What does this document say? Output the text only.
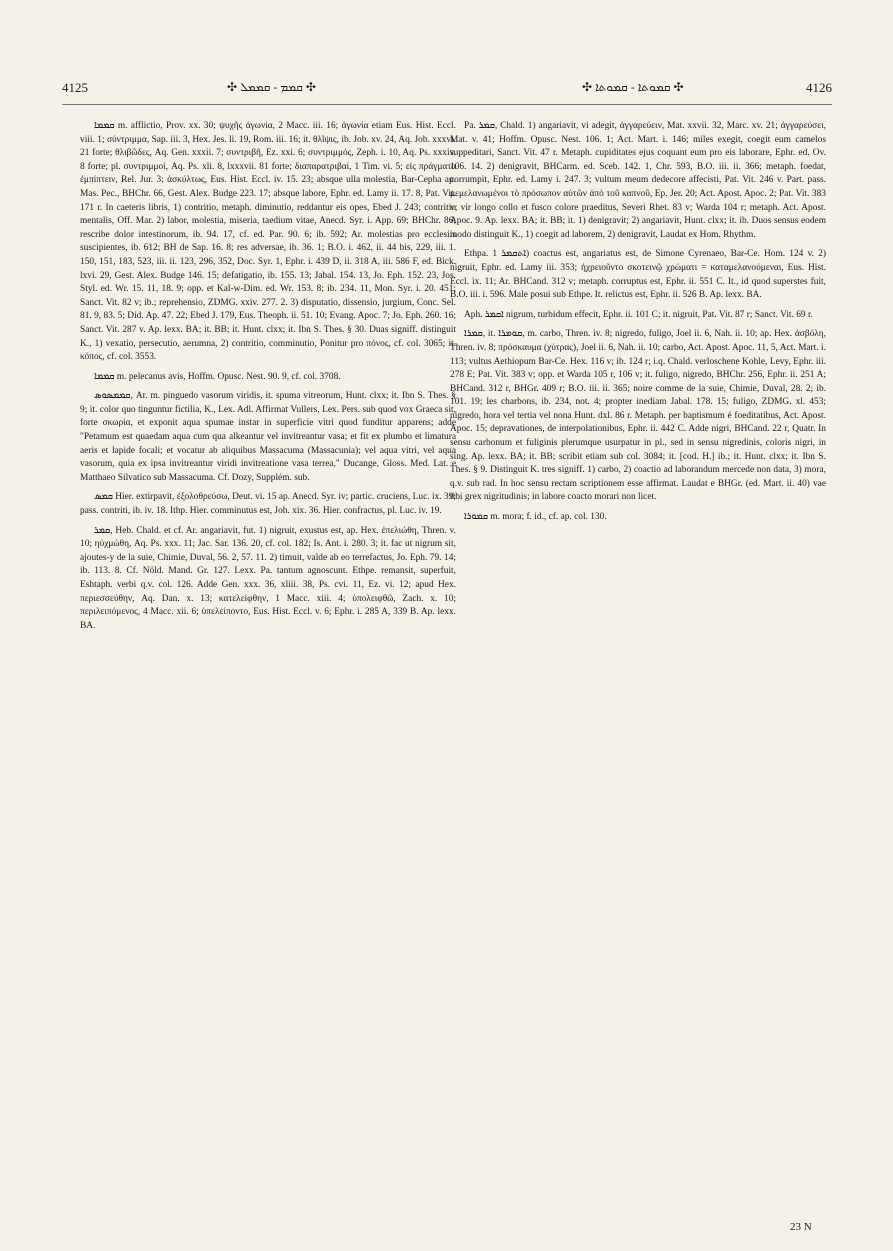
4125	✣ ܩܡܡ - ܩܡܡܠ ✣	✣ ܩܡܘܬܐ - ܩܡܘܬܐ ✣	4126

ܩܡܡܐ m. afflictio, Prov. xx. 30; ψυχῆς ἀγωνία, 2 Macc. iii. 16; ἀγωνία etiam Eus. Hist. Eccl. viii. 1; σύντριμμα, Sap. iii. 3, Hex. Jes. li. 19, Rom. iii. 16; it. θλῖψις, ib. Job. xv. 24, Aq. Job. xxxvi. 21 forte; θλιβῶδες, Aq. Gen. xxxii. 7; συντριβῆ, Ez. xxi. 6; συντριμμός, Zeph. i. 10, Aq. Ps. xxxiv. 8 forte; pl. συντριμμοί, Aq. Ps. xli. 8, lxxxvii. 81 forte; διαπαρατριβαί, 1 Tim. vi. 5; εἰς πράγματα ἐμπίπτειν, Rel. Jur. 3; ἀσκύλτως, Eus. Hist. Eccl. iv. 15. 23; absque ulla molestia, Bar-Cepha ap. Mas. Pec., BHChr. 66, Gest. Alex. Budge 223. 17; absque labore, Ephr. ed. Lamy ii. 17. 8, Pat. Vit. 171 r. In caeteris libris, 1) contritio, metaph. diminutio, reddantur eis opes, Ebed J. 243; contritio mentalis, Off. Mar. 2) labor, molestia, miseria, taedium vitae, Anecd. Syr. i. App. 69; BHChr. 86; rescribe dolor intestinorum, ib. 94. 17, cf. ed. Par. 90. 6; ib. 592; Ar. molestias pro ecclesiis suscipientes, ib. 612; BH de Sap. 16. 8; res adversae, ib. 36. 1; B.O. i. 462, ii. 44 bis, 229, iii. 1. 150, 151, 183, 523, iii. ii. 123, 296, 352, Doc. Syr. 1, Ephr. i. 439 D, ii. 318 A, iii. 586 F, ed. Bick. lxvi. 29, Gest. Alex. Budge 146. 15; defatigatio, ib. 155. 13; Jabal. 154. 13, Jo. Eph. 152. 23, Jos. Styl. ed. Wr. 15. 11, 18. 9; opp. et Kal-w-Dim. ed. Wr. 153. 8; ib. 234. 11, Mon. Syr. i. 20. 451; Sanct. Vit. 82 v; ib.; reprehensio, ZDMG. xxiv. 277. 2. 3) disputatio, dissensio, jurgium, Conc. Sel. 81. 9, 83. 5; Did. Ap. 47. 22; Ebed J. 179, Eus. Theoph. ii. 51. 10; Evang. Apoc. 7; Jo. Eph. 260. 16; Sanct. Vit. 287 v. Ap. lexx. BA; it. BB; it. Hunt. clxx; it. Ibn S. Thes. § 30. Duas signiff. distinguit K., 1) vexatio, persecutio, aerumna, 2) contritio, comminutio, Ponitur pro πόνος, cf. col. 3065; it. κόπος, cf. col. 3553.

ܩܡܡܐ m. pelecanus avis, Hoffm. Opusc. Nest. 90. 9, cf. col. 3708.

ܩܡܡܣܘܣ, Ar. m. pinguedo vasorum viridis, it. spuma vitreorum, Hunt. clxx; it. Ibn S. Thes. § 9; it. color quo tinguntur fictilia, K., Lex. Adl. Affirmat Vullers, Lex. Pers. sub quod vox Graeca sit, forte σκωρία, et exponit aqua spumae instar in superficie vitri quod funditur apparens; adde "Petamum est quaedam aqua cum qua alkeantur vel invitreantur vasa; et fit ex plumbo et limatura aeris et lapide focali; et vocatur ab aliquibus Massacuma (Massacunia); vel aqua vitri, vel aqua vasorum, quia ex ipsa invitreantur viridi invitreatione vasa terrea," Ducange, Gloss. Med. Lat. e Matthaeo Silvatico sub Massacuma. Cf. Dozy, Supplém. sub.

ܩܡܣ Hier. extirpavit, ἐξολοθρεύσω, Deut. vi. 15 ap. Anecd. Syr. iv; partic. cruciens, Luc. ix. 39; pass. contriti, ib. iv. 18. Ithp. Hier. comminutus est, Joh. xix. 36. Hier. confractus, pl. Luc. iv. 19.

ܩܡܪ, Heb. Chald. et cf. Ar. angariavit, fut. 1) nigruit, exustus est, ap. Hex. ἐπελιώθη, Thren. v. 10; ηὐχμώθη, Aq. Ps. xxx. 11; Jac. Sar. 136. 20, cf. col. 182; Is. Ant. i. 280. 3; it. fac ut nigrum sit, ajoutes-y de la suie, Chimie, Duval, 56. 2, 57. 11. 2) timuit, valde ab eo terrefactus, Jo. Eph. 79. 14; ib. 113. 8. Cf. Nöld. Mand. Gr. 127. Lexx. Pa. tantum agnoscunt. Ethpe. remansit, superfuit, Eshtaph. verbi q.v. col. 126. Adde Gen. xxx. 36, xliii. 38, Ps. cvi. 11, Ez. vi. 12; apud Hex. περιεσσεύθην, Aq. Dan. x. 13; κατελείφθην, 1 Macc. xiii. 4; ὑπολειφθῶ, Zach. x. 10; περιλειπόμενος, 4 Macc. xii. 6; ὑπελείποντο, Eus. Hist. Eccl. v. 6; Ephr. i. 285 A, 339 B. Ap. lexx. BA.

Pa. ܩܡܪ, Chald. 1) angariavit, vi adegit, ἀγγαρεύειν, Mat. xxvii. 32, Marc. xv. 21; ἀγγαρεύσει, Mat. v. 41; Hoffm. Opusc. Nest. 106. 1; Act. Mart. i. 146; miles exegit, coegit eum camelos suppeditari, Sanct. Vit. 47 r. Metaph. cupiditates ejus coquant eum pro eis laborare, Ephr. ed. Ov. 106. 14. 2) denigravit, BHCarm. ed. Sceb. 142. 1, Chr. 593, B.O. iii. ii. 366; metaph. foedat, corrumpit, Ephr. ed. Lamy i. 247. 3; vultum meum dedecore affecisti, Pat. Vit. 246 v. Part. pass. μεμελανωμένοι τὸ πρόσωπον αὐτῶν ἀπὸ τοῦ καπνοῦ, Ep. Jer. 20; Act. Apost. Apoc. 2; Pat. Vit. 383 v; vir longo collo et fusco colore praeditus, Severi Rhet. 83 v; Warda 104 r; metaph. Act. Apost. Apoc. 9. Ap. lexx. BA; it. BB; it. 1) denigravit; 2) angariavit, Hunt. clxx; it. ib. Duos sensus eodem modo distinguit K., 1) coegit ad laborem, 2) denigravit, Laudat ex Hom. Rhythm.

Ethpa. ܐܬܩܡܪ 1) coactus est, angariatus est, de Simone Cyrenaeo, Bar-Ce. Hom. 124 v. 2) nigruit, Ephr. ed. Lamy iii. 353; ἠχρειοῦντο σκοτεινῷ χρώματι = καταμελανούμεναι, Eus. Hist. Eccl. ix. 11; Ar. BHCand. 312 v; metaph. corruptus est, Ephr. ii. 551 C. It., id quod superstes fuit, B.O. iii. i. 596. Male posui sub Ethpe. It. relictus est, Ephr. ii. 526 B. Ap. lexx. BA.

Aph. ܐܩܡܪ nigrum, turbidum effecit, Ephr. ii. 101 C; it. nigruit, Pat. Vit. 87 r; Sanct. Vit. 69 r.

ܩܡܪܐ, it. ܩܘܡܪܐ, m. carbo, Thren. iv. 8; nigredo, fuligo, Joel ii. 6, Nah. ii. 10; ap. Hex. ἀσβόλη, Thren. iv. 8; πρόσκαυμα (χύτρας), Joel ii. 6, Nah. ii. 10; carbo, Act. Apost. Apoc. 11, 5, Act. Mart. i. 113; vultus Aethiopum Bar-Ce. Hex. 116 v; ib. 124 r; i.q. Chald. verloschene Kohle, Levy, Ephr. iii. 278 E; Pat. Vit. 383 v; opp. et Warda 105 r, 106 v; it. fuligo, nigredo, BHChr. 256, Ephr. ii. 251 A; BHCand. 312 r, BHGr. 409 r; B.O. iii. ii. 365; noire comme de la suie, Chimie, Duval, 28. 2; ib. 101. 19; les charbons, ib. 234, not. 4; propter inediam Jabal. 178. 15; fuligo, ZDMG. xl. 453; nigredo, hora vel tertia vel nona Hunt. dxl. 86 r. Metaph. per baptismum é foeditatibus, Act. Apost. Apoc. 15; depravationes, de interpolationibus, Ephr. ii. 442 C. Adde nigri, BHCand. 22 r, Quatr. In sensu carbonum et fuliginis plerumque usurpatur in pl., sed in sensu nigredinis, coloris nigri, in sing. Ap. lexx. BA; it. BB; scribit etiam sub col. 3084; it. [cod. H.] ib.; it. Hunt. clxx; it. Ibn S. Thes. § 9. Distinguit K. tres signiff. 1) carbo, 2) coactio ad laborandum mercede non data, 3) mora, q.v. sub rad. In hoc sensu rectam scriptionem esse affirmat. Laudat e BHGr. (ed. Mart. ii. 40) vae tibi grex nigritudinis; in labore coacto morari non licet.

ܩܡܘܪܐ m. mora; f. id., cf. ap. col. 130.

23 N
